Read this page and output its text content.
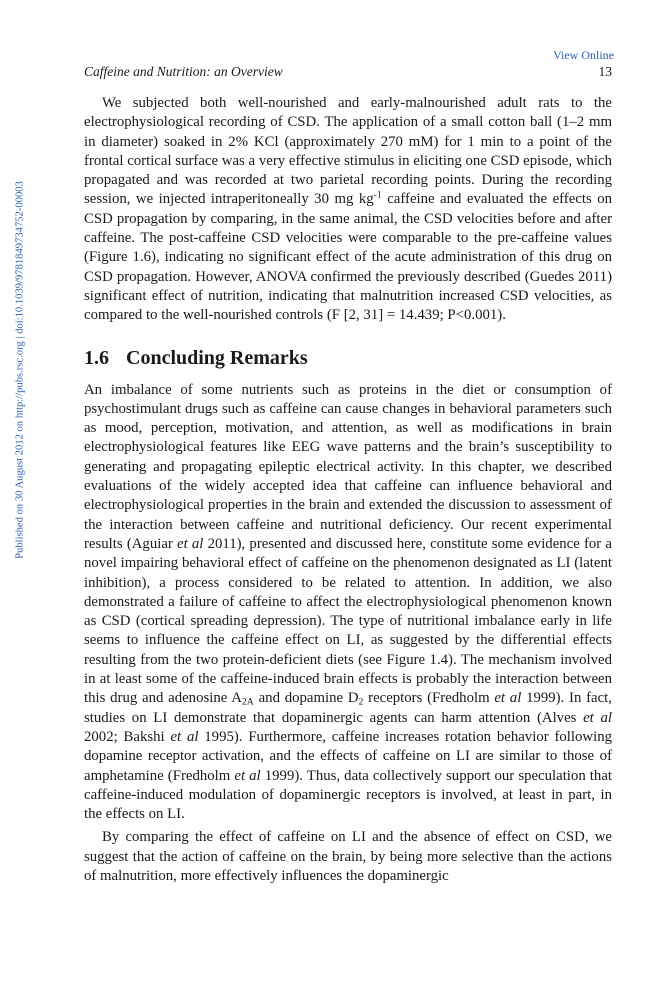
View Online
Published on 30 August 2012 on http://pubs.rsc.org | doi:10.1039/9781849734752-00003
Caffeine and Nutrition: an Overview	13

We subjected both well-nourished and early-malnourished adult rats to the electrophysiological recording of CSD. The application of a small cotton ball (1–2 mm in diameter) soaked in 2% KCl (approximately 270 mM) for 1 min to a point of the frontal cortical surface was a very effective stimulus in eliciting one CSD episode, which propagated and was recorded at two parietal recording points. During the recording session, we injected intraperitoneally 30 mg $kg^{-1}$ caffeine and evaluated the effects on CSD propagation by comparing, in the same animal, the CSD velocities before and after caffeine. The post-caffeine CSD velocities were comparable to the pre-caffeine values (Figure 1.6), indicating no significant effect of the acute administration of this drug on CSD propagation. However, ANOVA confirmed the previously described (Guedes 2011) significant effect of nutrition, indicating that malnutrition increased CSD velocities, as compared to the well-nourished controls (F [2, 31] = 14.439; P<0.001).

1.6 Concluding Remarks

An imbalance of some nutrients such as proteins in the diet or consumption of psychostimulant drugs such as caffeine can cause changes in behavioral parameters such as mood, perception, motivation, and attention, as well as modifications in brain electrophysiological features like EEG wave patterns and the brain’s susceptibility to generating and propagating epileptic electrical activity. In this chapter, we described evaluations of the widely accepted idea that caffeine can influence behavioral and electrophysiological properties in the brain and extended the discussion to assessment of the interaction between caffeine and nutritional deficiency. Our recent experimental results (Aguiar et al 2011), presented and discussed here, constitute some evidence for a novel impairing behavioral effect of caffeine on the phenomenon designated as LI (latent inhibition), a process considered to be related to attention. In addition, we also demonstrated a failure of caffeine to affect the electrophysiological phenomenon known as CSD (cortical spreading depression). The type of nutritional imbalance early in life seems to influence the caffeine effect on LI, as suggested by the differential effects resulting from the two protein-deficient diets (see Figure 1.4). The mechanism involved in at least some of the caffeine-induced brain effects is probably the interaction between this drug and adenosine $A_{2A}$ and dopamine $D_2$ receptors (Fredholm et al 1999). In fact, studies on LI demonstrate that dopaminergic agents can harm attention (Alves et al 2002; Bakshi et al 1995). Furthermore, caffeine increases rotation behavior following dopamine receptor activation, and the effects of caffeine on LI are similar to those of amphetamine (Fredholm et al 1999). Thus, data collectively support our speculation that caffeine-induced modulation of dopaminergic receptors is involved, at least in part, in the effects on LI.

By comparing the effect of caffeine on LI and the absence of effect on CSD, we suggest that the action of caffeine on the brain, by being more selective than the actions of malnutrition, more effectively influences the dopaminergic
